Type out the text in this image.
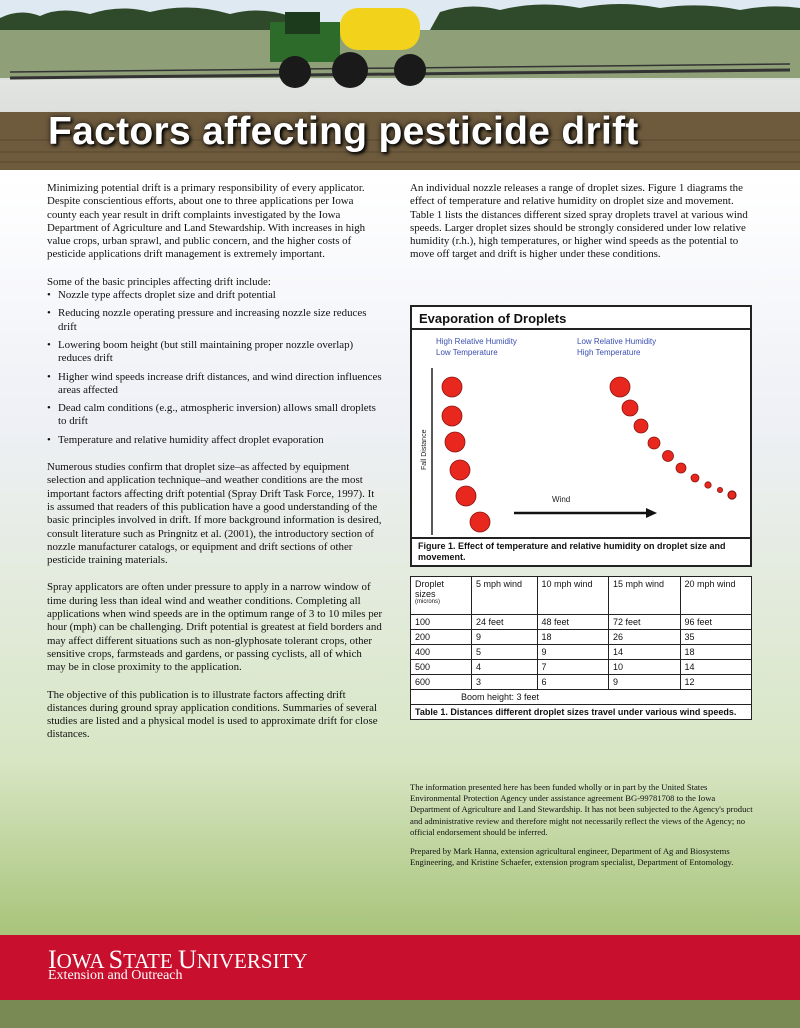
Factors affecting pesticide drift

Minimizing potential drift is a primary responsibility of every applicator. Despite conscientious efforts, about one to three applications per Iowa county each year result in drift complaints investigated by the Iowa Department of Agriculture and Land Stewardship. With increases in high value crops, urban sprawl, and public concern, and the higher costs of pesticide applications drift management is extremely important.

Some of the basic principles affecting drift include:
• Nozzle type affects droplet size and drift potential
• Reducing nozzle operating pressure and increasing nozzle size reduces drift
• Lowering boom height (but still maintaining proper nozzle overlap) reduces drift
• Higher wind speeds increase drift distances, and wind direction influences areas affected
• Dead calm conditions (e.g., atmospheric inversion) allows small droplets to drift
• Temperature and relative humidity affect droplet evaporation

Numerous studies confirm that droplet size–as affected by equipment selection and application technique–and weather conditions are the most important factors affecting drift potential (Spray Drift Task Force, 1997). It is assumed that readers of this publication have a good understanding of the basic principles involved in drift. If more background information is desired, consult literature such as Pringnitz et al. (2001), the introductory section of nozzle manufacturer catalogs, or equipment and drift sections of other pesticide training materials.

Spray applicators are often under pressure to apply in a narrow window of time during less than ideal wind and weather conditions. Completing all applications when wind speeds are in the optimum range of 3 to 10 miles per hour (mph) can be challenging. Drift potential is greatest at field borders and may affect different situations such as non-glyphosate tolerant crops, other sensitive crops, farmsteads and gardens, or passing cyclists, all of which may be in close proximity to the application.

The objective of this publication is to illustrate factors affecting drift distances during ground spray application conditions. Summaries of several studies are listed and a physical model is used to approximate drift for close distances.

An individual nozzle releases a range of droplet sizes. Figure 1 diagrams the effect of temperature and relative humidity on droplet size and movement. Table 1 lists the distances different sized spray droplets travel at various wind speeds. Larger droplet sizes should be strongly considered under low relative humidity (r.h.), high temperatures, or higher wind speeds as the potential to move off target and drift is higher under these conditions.
Evaporation of Droplets
High Relative Humidity
Low Temperature
Low Relative Humidity
High Temperature
Fall Distance
Wind
Figure 1. Effect of temperature and relative humidity on droplet size and movement.
Droplet sizes
(microns)	5 mph wind	10 mph wind	15 mph wind	20 mph wind
100	24 feet	48 feet	72 feet	96 feet
200	9	18	26	35
400	5	9	14	18
500	4	7	10	14
600	3	6	9	12
Boom height: 3 feet
Table 1. Distances different droplet sizes travel under various wind speeds.

The information presented here has been funded wholly or in part by the United States Environmental Protection Agency under assistance agreement BG-99781708 to the Iowa Department of Agriculture and Land Stewardship. It has not been subjected to the Agency's product and administrative review and therefore might not necessarily reflect the views of the Agency; no official endorsement should be inferred.

Prepared by Mark Hanna, extension agricultural engineer, Department of Ag and Biosystems Engineering, and Kristine Schaefer, extension program specialist, Department of Entomology.

IOWA STATE UNIVERSITY
Extension and Outreach
